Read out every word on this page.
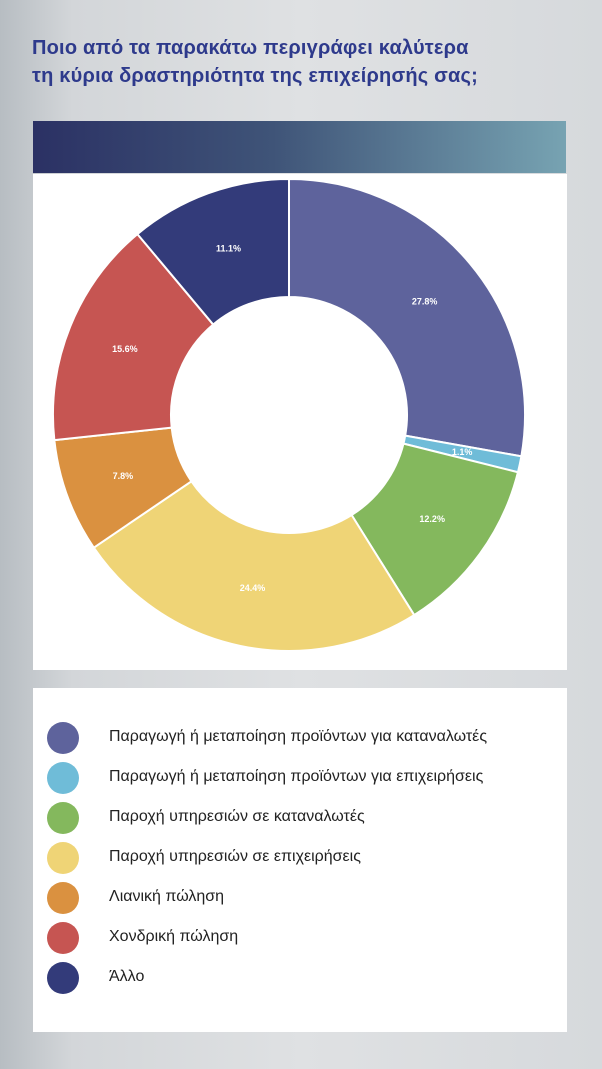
Ποιο από τα παρακάτω περιγράφει καλύτερα
τη κύρια δραστηριότητα της επιχείρησής σας;
27.8%
1.1%
12.2%
24.4%
7.8%
15.6%
11.1%
Παραγωγή ή μεταποίηση προϊόντων για καταναλωτές
Παραγωγή ή μεταποίηση προϊόντων για επιχειρήσεις
Παροχή υπηρεσιών σε καταναλωτές
Παροχή υπηρεσιών σε επιχειρήσεις
Λιανική πώληση
Χονδρική πώληση
Άλλο
